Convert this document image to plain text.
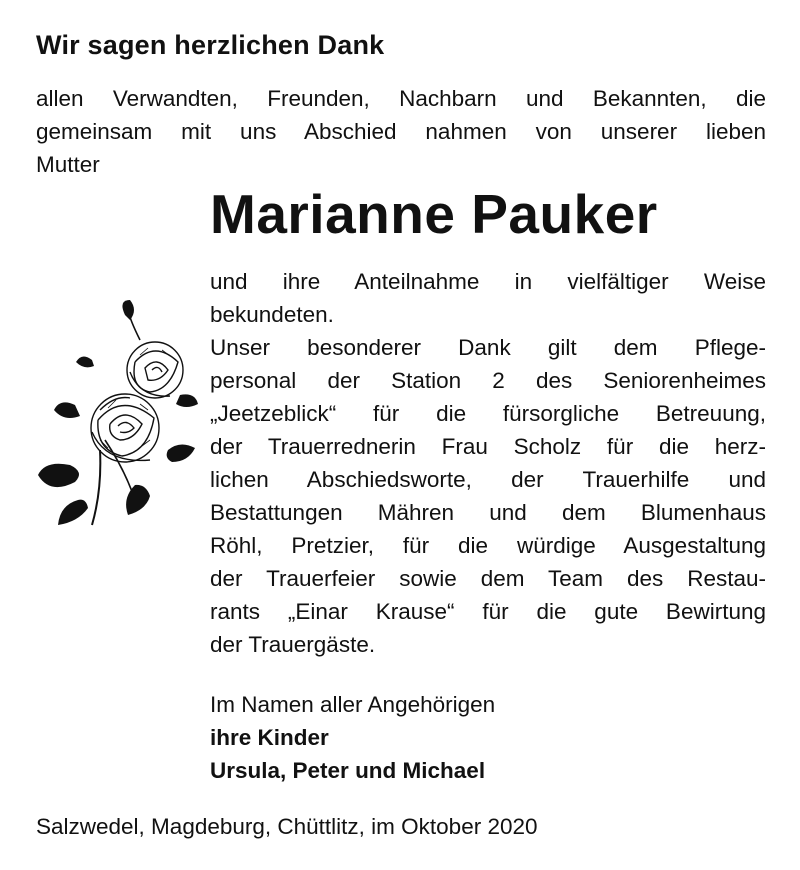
Wir sagen herzlichen Dank
allen Verwandten, Freunden, Nachbarn und Bekannten, die
gemeinsam mit uns Abschied nahmen von unserer lieben
Mutter
Marianne Pauker
und ihre Anteilnahme in vielfältiger Weise
bekundeten.
Unser besonderer Dank gilt dem Pflege-
personal der Station 2 des Seniorenheimes
„Jeetzeblick“ für die fürsorgliche Betreuung,
der Trauerrednerin Frau Scholz für die herz-
lichen Abschiedsworte, der Trauerhilfe und
Bestattungen Mähren und dem Blumenhaus
Röhl, Pretzier, für die würdige Ausgestaltung
der Trauerfeier sowie dem Team des Restau-
rants „Einar Krause“ für die gute Bewirtung
der Trauergäste.
Im Namen aller Angehörigen
ihre Kinder
Ursula, Peter und Michael
Salzwedel, Magdeburg, Chüttlitz, im Oktober 2020
